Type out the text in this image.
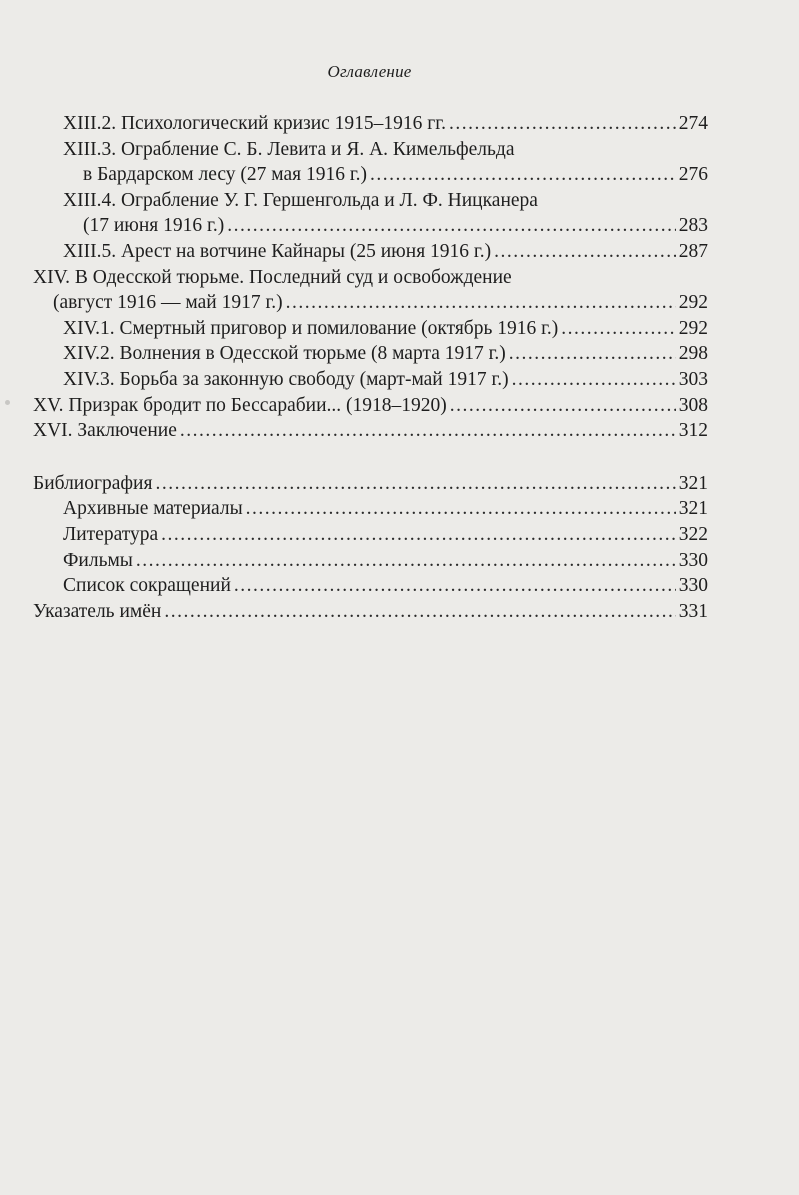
Оглавление
XIII.2. Психологический кризис 1915–1916 гг. .....	274
XIII.3. Ограбление С. Б. Левита и Я. А. Кимельфельда
в Бардарском лесу (27 мая 1916 г.) .....	276
XIII.4. Ограбление У. Г. Гершенгольда и Л. Ф. Ницканера
(17 июня 1916 г.) .....	283
XIII.5. Арест на вотчине Кайнары (25 июня 1916 г.) .....	287
XIV. В Одесской тюрьме. Последний суд и освобождение
(август 1916 — май 1917 г.) .....	292
XIV.1. Смертный приговор и помилование (октябрь 1916 г.) .....	292
XIV.2. Волнения в Одесской тюрьме (8 марта 1917 г.) .....	298
XIV.3. Борьба за законную свободу (март-май 1917 г.) .....	303
XV. Призрак бродит по Бессарабии... (1918–1920) .....	308
XVI. Заключение .....	312
Библиография .....	321
Архивные материалы .....	321
Литература .....	322
Фильмы .....	330
Список сокращений .....	330
Указатель имён .....	331
